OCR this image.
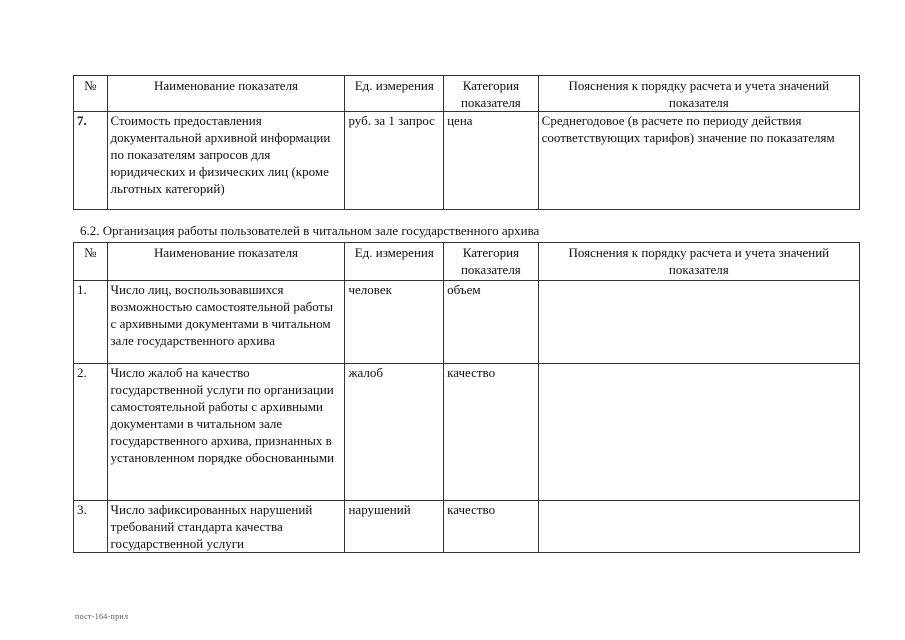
№	Наименование показателя	Ед. измерения	Категория показателя	Пояснения к порядку расчета и учета значений показателя
7.	Стоимость предоставления документальной архивной информации по показателям запросов для юридических и физических лиц (кроме льготных категорий)	руб. за 1 запрос	цена	Среднегодовое (в расчете по периоду действия соответствующих тарифов) значение по показателям
6.2. Организация работы пользователей в читальном зале государственного архива
№	Наименование показателя	Ед. измерения	Категория показателя	Пояснения к порядку расчета и учета значений показателя
1.	Число лиц, воспользовавшихся возможностью самостоятельной работы с архивными документами в читальном зале государственного архива	человек	объем	
2.	Число жалоб на качество государственной услуги по организации самостоятельной работы с архивными документами в читальном зале государственного архива, признанных в установленном порядке обоснованными	жалоб	качество	
3.	Число зафиксированных нарушений требований стандарта качества государственной услуги	нарушений	качество	
пост-164-прил
